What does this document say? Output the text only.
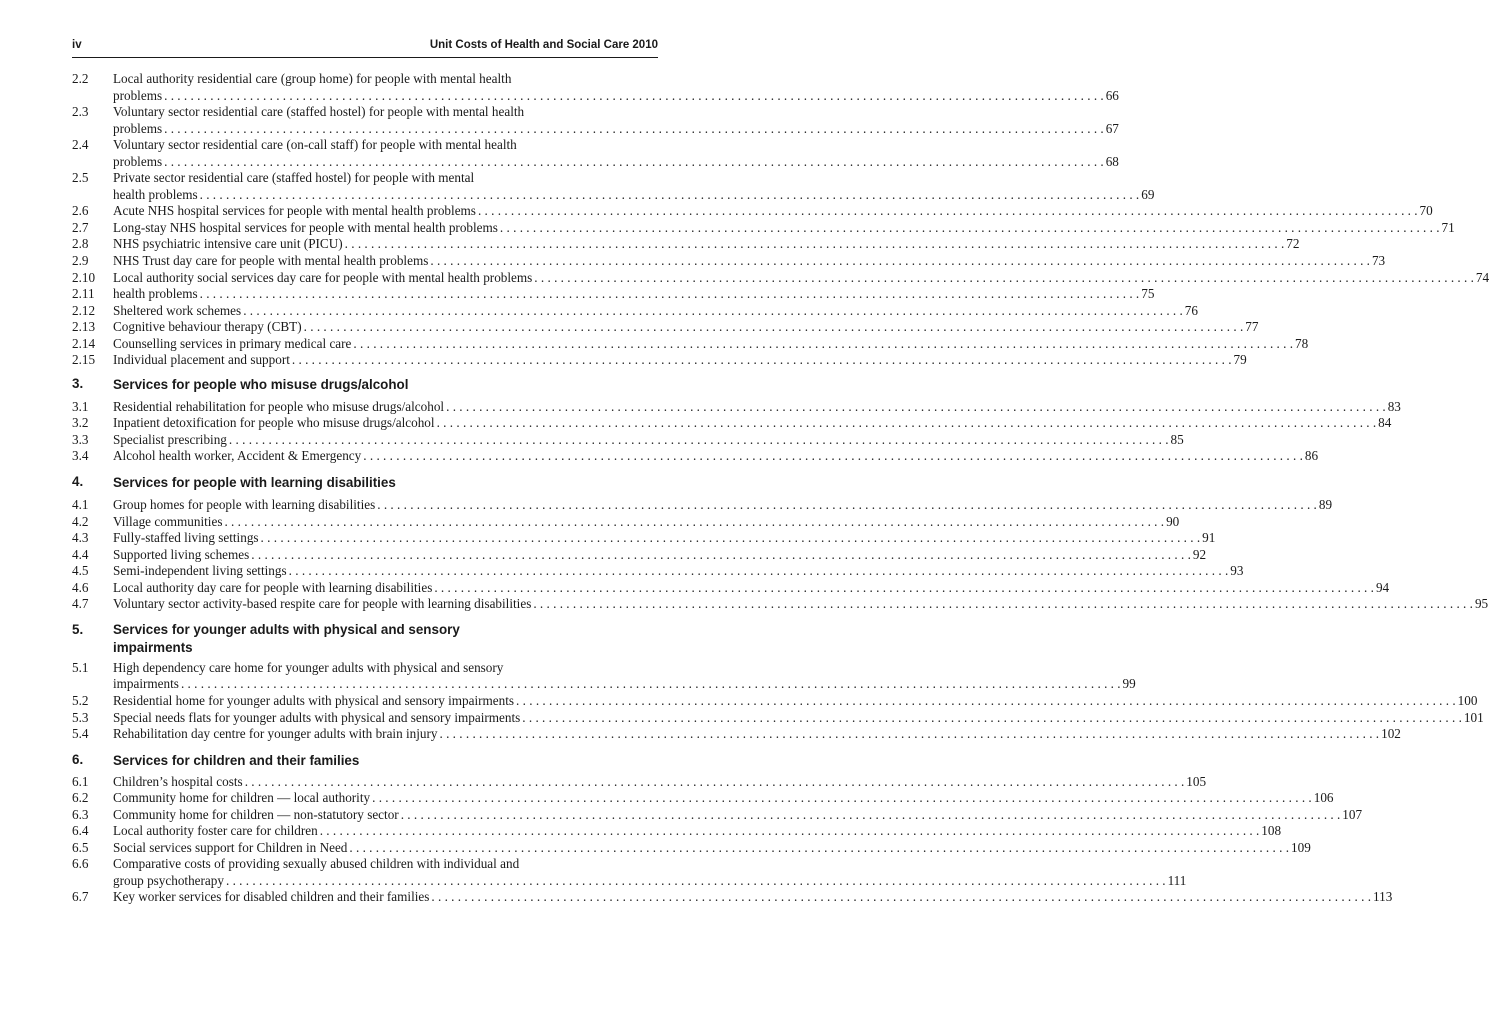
iv	Unit Costs of Health and Social Care 2010
2.2 Local authority residential care (group home) for people with mental health
problems . . .	66
2.3 Voluntary sector residential care (staffed hostel) for people with mental health
problems . . .	67
2.4 Voluntary sector residential care (on-call staff) for people with mental health
problems . . .	68
2.5 Private sector residential care (staffed hostel) for people with mental
health problems . . .	69
2.6 Acute NHS hospital services for people with mental health problems . . .	70
2.7 Long-stay NHS hospital services for people with mental health problems . . .	71
2.8 NHS psychiatric intensive care unit (PICU) . . .	72
2.9 NHS Trust day care for people with mental health problems . . .	73
2.10 Local authority social services day care for people with mental health problems . . .	74
2.11 health problems . . .	75
2.12 Sheltered work schemes . . .	76
2.13 Cognitive behaviour therapy (CBT) . . .	77
2.14 Counselling services in primary medical care . . .	78
2.15 Individual placement and support . . .	79
3. Services for people who misuse drugs/alcohol
3.1 Residential rehabilitation for people who misuse drugs/alcohol . . .	83
3.2 Inpatient detoxification for people who misuse drugs/alcohol . . .	84
3.3 Specialist prescribing . . .	85
3.4 Alcohol health worker, Accident & Emergency . . .	86
4. Services for people with learning disabilities
4.1 Group homes for people with learning disabilities . . .	89
4.2 Village communities . . .	90
4.3 Fully-staffed living settings . . .	91
4.4 Supported living schemes . . .	92
4.5 Semi-independent living settings . . .	93
4.6 Local authority day care for people with learning disabilities . . .	94
4.7 Voluntary sector activity-based respite care for people with learning disabilities . . .	95
5. Services for younger adults with physical and sensory
impairments
5.1 High dependency care home for younger adults with physical and sensory
impairments . . .	99
5.2 Residential home for younger adults with physical and sensory impairments . . .	100
5.3 Special needs flats for younger adults with physical and sensory impairments . . .	101
5.4 Rehabilitation day centre for younger adults with brain injury . . .	102
6. Services for children and their families
6.1 Children’s hospital costs . . .	105
6.2 Community home for children — local authority . . .	106
6.3 Community home for children — non-statutory sector . . .	107
6.4 Local authority foster care for children . . .	108
6.5 Social services support for Children in Need . . .	109
6.6 Comparative costs of providing sexually abused children with individual and
group psychotherapy . . .	111
6.7 Key worker services for disabled children and their families . . .	113
